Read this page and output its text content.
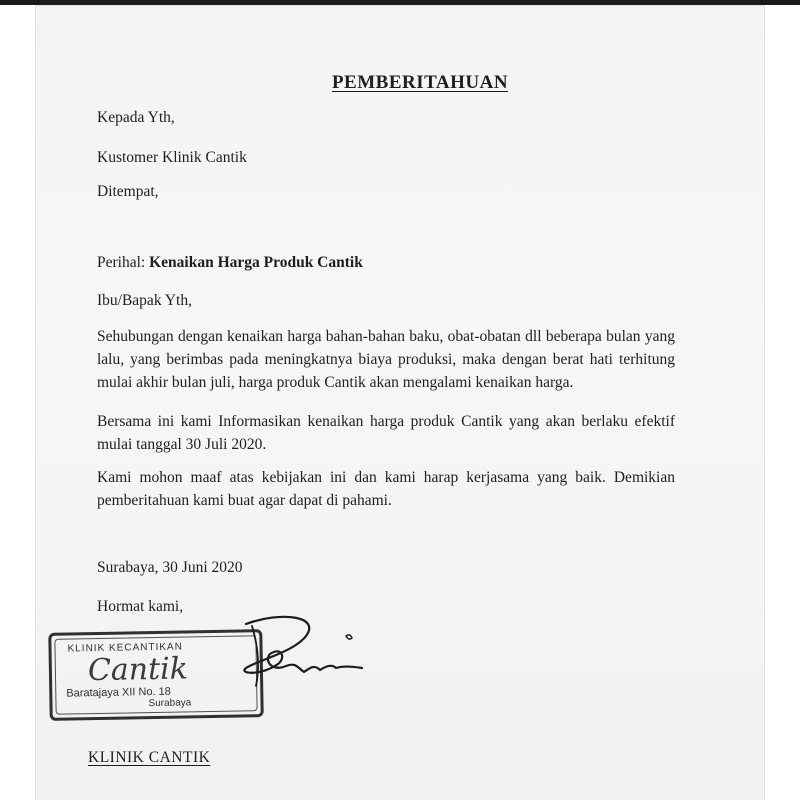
PEMBERITAHUAN
Kepada Yth,
Kustomer Klinik Cantik
Ditempat,
Perihal: Kenaikan Harga Produk Cantik
Ibu/Bapak Yth,
Sehubungan dengan kenaikan harga bahan-bahan baku, obat-obatan dll beberapa bulan yang lalu, yang berimbas pada meningkatnya biaya produksi, maka dengan berat hati terhitung mulai akhir bulan juli, harga produk Cantik akan mengalami kenaikan harga.
Bersama ini kami Informasikan kenaikan harga produk Cantik yang akan berlaku efektif mulai tanggal 30 Juli 2020.
Kami mohon maaf atas kebijakan ini dan kami harap kerjasama yang baik. Demikian pemberitahuan kami buat agar dapat di pahami.
Surabaya, 30 Juni 2020
Hormat kami,
KLINIK KECANTIKAN
Cantik
Baratajaya XII No. 18
Surabaya
KLINIK CANTIK
